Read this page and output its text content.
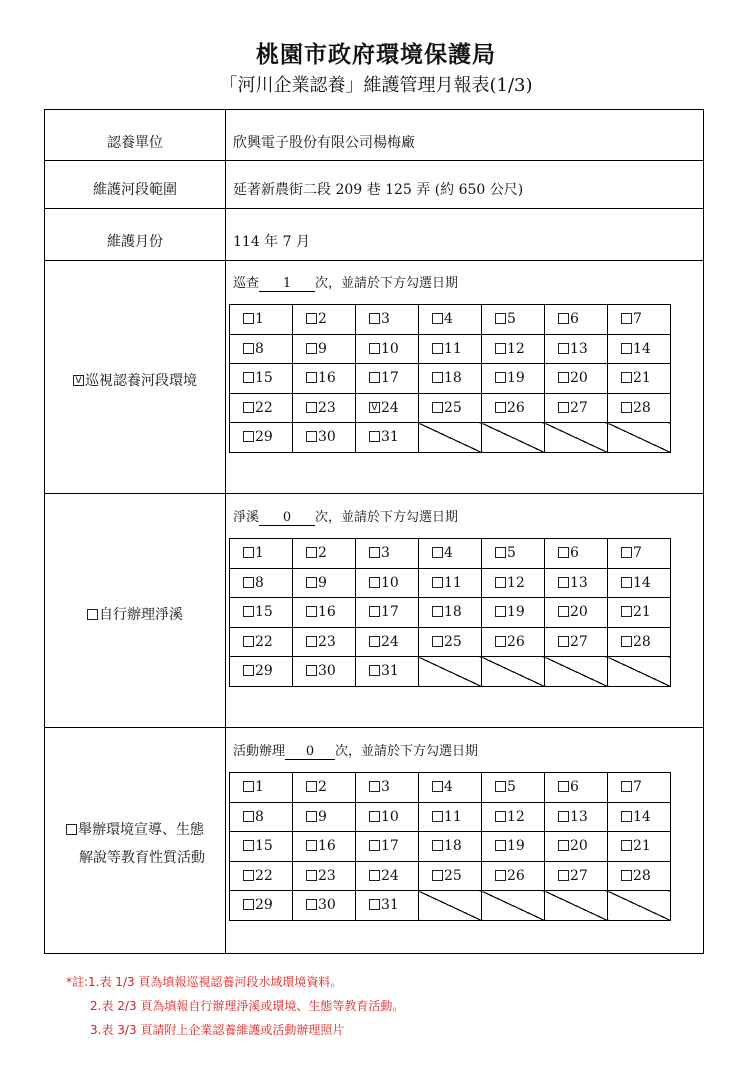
桃園市政府環境保護局
「河川企業認養」維護管理月報表(1/3)
認養單位	欣興電子股份有限公司楊梅廠
維護河段範圍	延著新農街二段 209 巷 125 弄 (約 650 公尺)
維護月份	114 年 7 月
V巡視認養河段環境
巡查 1 次，並請於下方勾選日期
1	2	3	4	5	6	7
8	9	10	11	12	13	14
15	16	17	18	19	20	21
22	23	V24	25	26	27	28
29	30	31				
自行辦理淨溪
淨溪 0 次，並請於下方勾選日期
1	2	3	4	5	6	7
8	9	10	11	12	13	14
15	16	17	18	19	20	21
22	23	24	25	26	27	28
29	30	31				
舉辦環境宣導、生態
解說等教育性質活動
活動辦理 0 次，並請於下方勾選日期
1	2	3	4	5	6	7
8	9	10	11	12	13	14
15	16	17	18	19	20	21
22	23	24	25	26	27	28
29	30	31				
*註:1.表 1/3 頁為填報巡視認養河段水域環境資料。
2.表 2/3 頁為填報自行辦理淨溪或環境、生態等教育活動。
3.表 3/3 頁請附上企業認養維護或活動辦理照片
